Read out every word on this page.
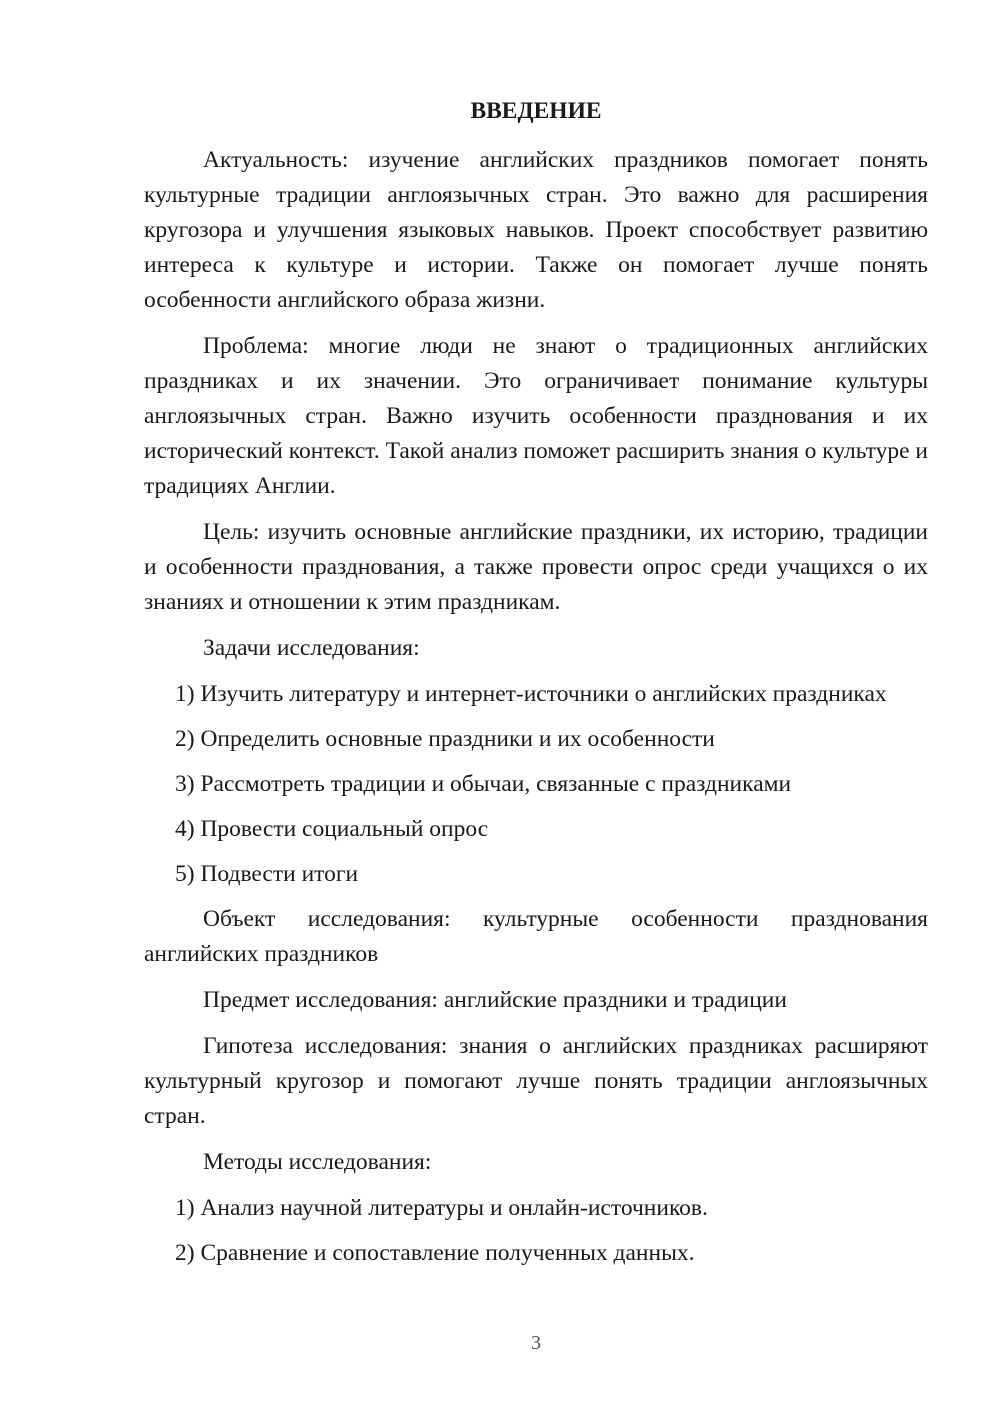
ВВЕДЕНИЕ

Актуальность: изучение английских праздников помогает понять культурные традиции англоязычных стран. Это важно для расширения кругозора и улучшения языковых навыков. Проект способствует развитию интереса к культуре и истории. Также он помогает лучше понять особенности английского образа жизни.

Проблема: многие люди не знают о традиционных английских праздниках и их значении. Это ограничивает понимание культуры англоязычных стран. Важно изучить особенности празднования и их исторический контекст. Такой анализ поможет расширить знания о культуре и традициях Англии.

Цель: изучить основные английские праздники, их историю, традиции и особенности празднования, а также провести опрос среди учащихся о их знаниях и отношении к этим праздникам.

Задачи исследования:

1) Изучить литературу и интернет-источники о английских праздниках

2) Определить основные праздники и их особенности

3) Рассмотреть традиции и обычаи, связанные с праздниками

4) Провести социальный опрос

5) Подвести итоги

Объект исследования: культурные особенности празднования английских праздников

Предмет исследования: английские праздники и традиции

Гипотеза исследования: знания о английских праздниках расширяют культурный кругозор и помогают лучше понять традиции англоязычных стран.

Методы исследования:

1) Анализ научной литературы и онлайн-источников.

2) Сравнение и сопоставление полученных данных.

3
